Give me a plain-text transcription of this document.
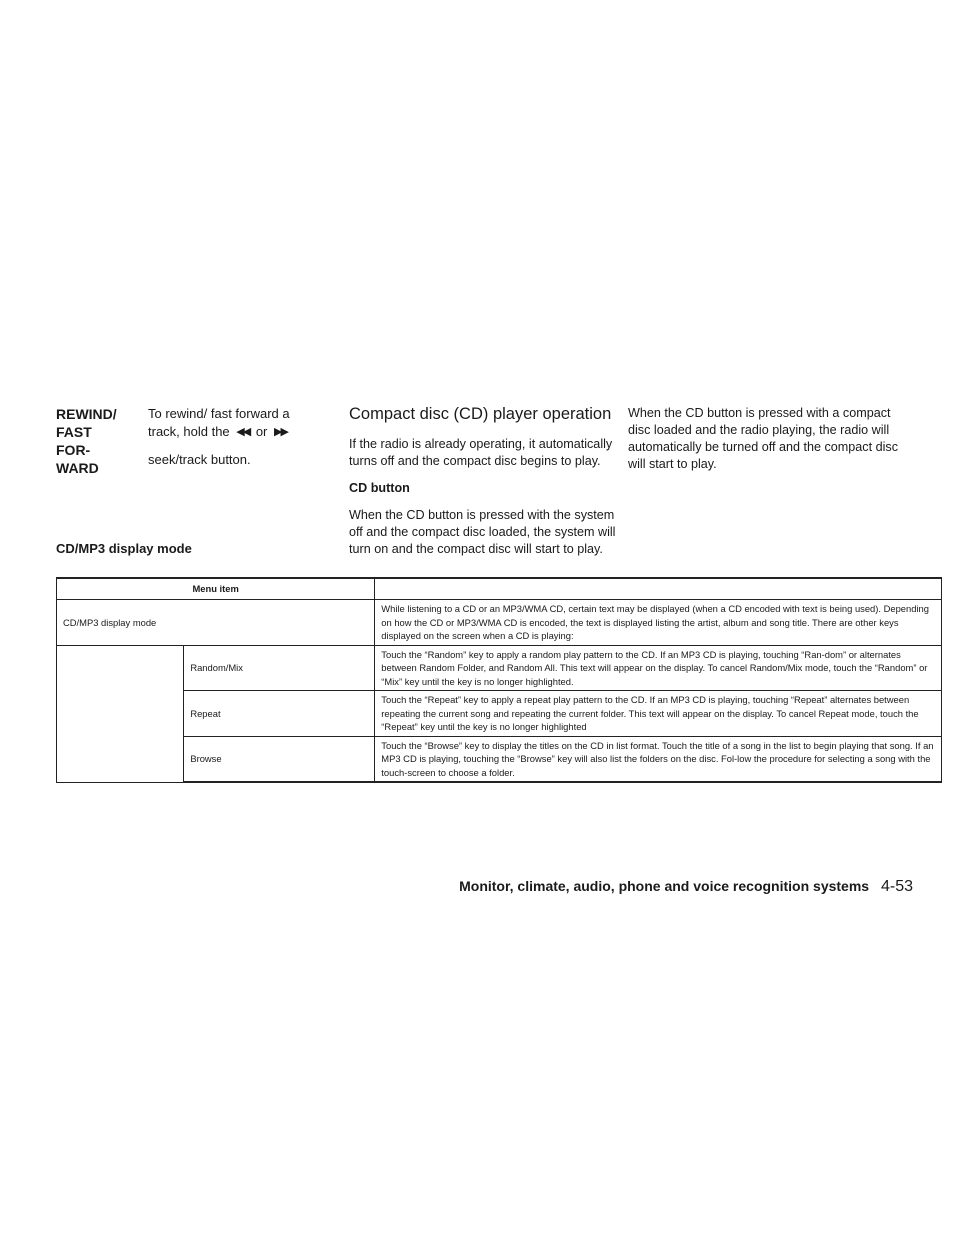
REWIND/
FAST
FOR-
WARD
To rewind/ fast forward a
track, hold the ◀◀ or ▶▶
seek/track button.
Compact disc (CD) player operation

If the radio is already operating, it automatically turns off and the compact disc begins to play.

CD button

When the CD button is pressed with the system off and the compact disc loaded, the system will turn on and the compact disc will start to play.

When the CD button is pressed with a compact disc loaded and the radio playing, the radio will automatically be turned off and the compact disc will start to play.

CD/MP3 display mode
Menu item		
CD/MP3 display mode		While listening to a CD or an MP3/WMA CD, certain text may be displayed (when a CD encoded with text is being used). Depending on how the CD or MP3/WMA CD is encoded, the text is displayed listing the artist, album and song title. There are other keys displayed on the screen when a CD is playing:
	Random/Mix	Touch the “Random” key to apply a random play pattern to the CD. If an MP3 CD is playing, touching “Ran-dom” or alternates between Random Folder, and Random All. This text will appear on the display. To cancel Random/Mix mode, touch the “Random” or “Mix” key until the key is no longer highlighted.
	Repeat	Touch the “Repeat” key to apply a repeat play pattern to the CD. If an MP3 CD is playing, touching “Repeat” alternates between repeating the current song and repeating the current folder. This text will appear on the display. To cancel Repeat mode, touch the “Repeat” key until the key is no longer highlighted
	Browse	Touch the “Browse” key to display the titles on the CD in list format. Touch the title of a song in the list to begin playing that song. If an MP3 CD is playing, touching the “Browse” key will also list the folders on the disc. Fol-low the procedure for selecting a song with the touch-screen to choose a folder.
Monitor, climate, audio, phone and voice recognition systems 4-53
